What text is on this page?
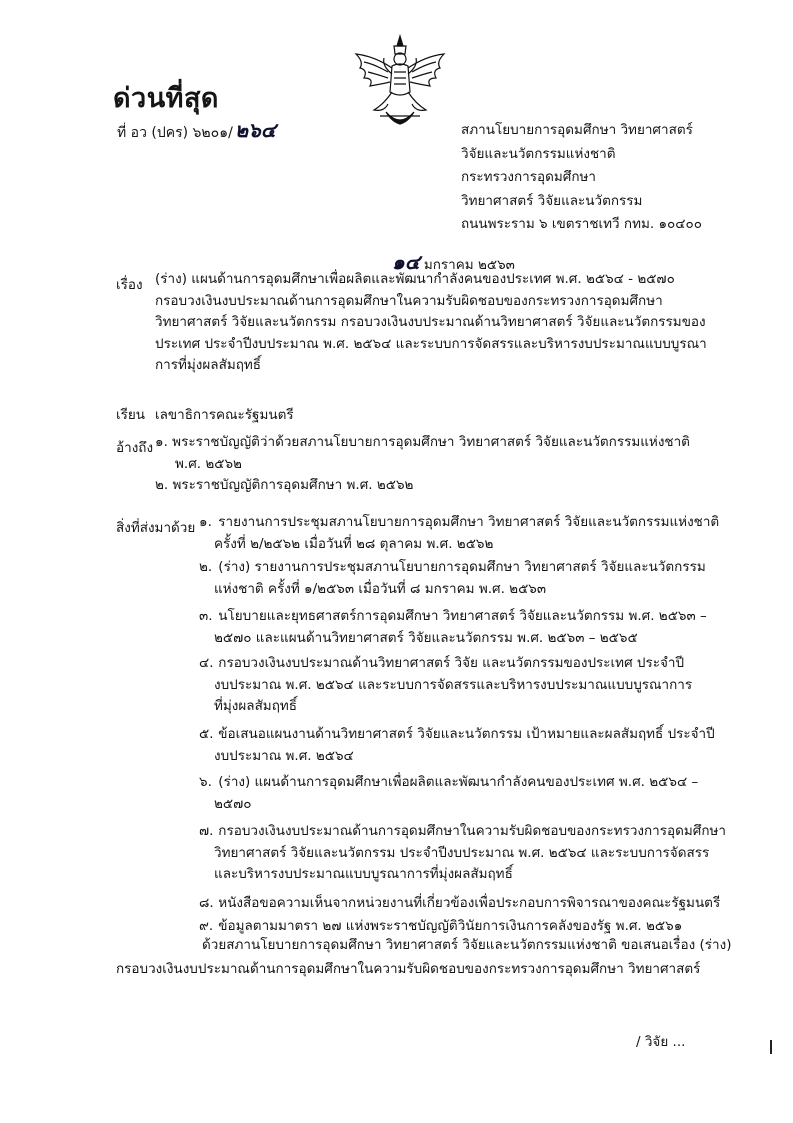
ด่วนที่สุด
ที่ อว (ปคร) ๖๒๐๑/ ๒๖๔	สภานโยบายการอุดมศึกษา วิทยาศาสตร์
วิจัยและนวัตกรรมแห่งชาติ
กระทรวงการอุดมศึกษา
วิทยาศาสตร์ วิจัยและนวัตกรรม
ถนนพระราม ๖ เขตราชเทวี กทม. ๑๐๔๐๐
๑๔ มกราคม ๒๕๖๓
เรื่อง (ร่าง) แผนด้านการอุดมศึกษาเพื่อผลิตและพัฒนากำลังคนของประเทศ พ.ศ. ๒๕๖๔ - ๒๕๗๐
กรอบวงเงินงบประมาณด้านการอุดมศึกษาในความรับผิดชอบของกระทรวงการอุดมศึกษา
วิทยาศาสตร์ วิจัยและนวัตกรรม กรอบวงเงินงบประมาณด้านวิทยาศาสตร์ วิจัยและนวัตกรรมของ
ประเทศ ประจำปีงบประมาณ พ.ศ. ๒๕๖๔ และระบบการจัดสรรและบริหารงบประมาณแบบบูรณา
การที่มุ่งผลสัมฤทธิ์
เรียน เลขาธิการคณะรัฐมนตรี
อ้างถึง ๑. พระราชบัญญัติว่าด้วยสภานโยบายการอุดมศึกษา วิทยาศาสตร์ วิจัยและนวัตกรรมแห่งชาติ
พ.ศ. ๒๕๖๒
๒. พระราชบัญญัติการอุดมศึกษา พ.ศ. ๒๕๖๒
สิ่งที่ส่งมาด้วย ๑. รายงานการประชุมสภานโยบายการอุดมศึกษา วิทยาศาสตร์ วิจัยและนวัตกรรมแห่งชาติ
ครั้งที่ ๒/๒๕๖๒ เมื่อวันที่ ๒๘ ตุลาคม พ.ศ. ๒๕๖๒
๒. (ร่าง) รายงานการประชุมสภานโยบายการอุดมศึกษา วิทยาศาสตร์ วิจัยและนวัตกรรม
แห่งชาติ ครั้งที่ ๑/๒๕๖๓ เมื่อวันที่ ๘ มกราคม พ.ศ. ๒๕๖๓
๓. นโยบายและยุทธศาสตร์การอุดมศึกษา วิทยาศาสตร์ วิจัยและนวัตกรรม พ.ศ. ๒๕๖๓ –
๒๕๗๐ และแผนด้านวิทยาศาสตร์ วิจัยและนวัตกรรม พ.ศ. ๒๕๖๓ – ๒๕๖๕
๔. กรอบวงเงินงบประมาณด้านวิทยาศาสตร์ วิจัย และนวัตกรรมของประเทศ ประจำปี
งบประมาณ พ.ศ. ๒๕๖๔ และระบบการจัดสรรและบริหารงบประมาณแบบบูรณาการ
ที่มุ่งผลสัมฤทธิ์
๕. ข้อเสนอแผนงานด้านวิทยาศาสตร์ วิจัยและนวัตกรรม เป้าหมายและผลสัมฤทธิ์ ประจำปี
งบประมาณ พ.ศ. ๒๕๖๔
๖. (ร่าง) แผนด้านการอุดมศึกษาเพื่อผลิตและพัฒนากำลังคนของประเทศ พ.ศ. ๒๕๖๔ –
๒๕๗๐
๗. กรอบวงเงินงบประมาณด้านการอุดมศึกษาในความรับผิดชอบของกระทรวงการอุดมศึกษา
วิทยาศาสตร์ วิจัยและนวัตกรรม ประจำปีงบประมาณ พ.ศ. ๒๕๖๔ และระบบการจัดสรร
และบริหารงบประมาณแบบบูรณาการที่มุ่งผลสัมฤทธิ์
๘. หนังสือขอความเห็นจากหน่วยงานที่เกี่ยวข้องเพื่อประกอบการพิจารณาของคณะรัฐมนตรี
๙. ข้อมูลตามมาตรา ๒๗ แห่งพระราชบัญญัติวินัยการเงินการคลังของรัฐ พ.ศ. ๒๕๖๑
ด้วยสภานโยบายการอุดมศึกษา วิทยาศาสตร์ วิจัยและนวัตกรรมแห่งชาติ ขอเสนอเรื่อง (ร่าง)
กรอบวงเงินงบประมาณด้านการอุดมศึกษาในความรับผิดชอบของกระทรวงการอุดมศึกษา วิทยาศาสตร์
/ วิจัย ...
